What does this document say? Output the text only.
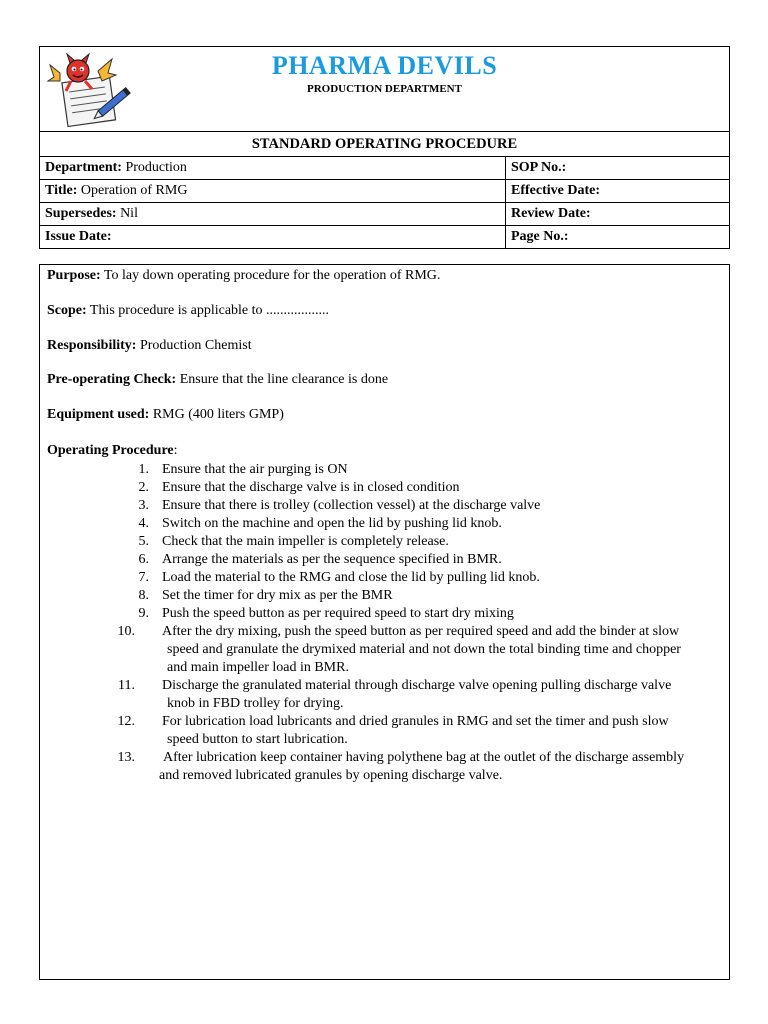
PHARMA DEVILS
PRODUCTION DEPARTMENT
STANDARD OPERATING PROCEDURE	
Department: Production	SOP No.:
Title: Operation of RMG	Effective Date:
Supersedes: Nil	Review Date:
Issue Date:	Page No.:
Purpose: To lay down operating procedure for the operation of RMG.
Scope: This procedure is applicable to ..................
Responsibility: Production Chemist
Pre-operating Check: Ensure that the line clearance is done
Equipment used: RMG (400 liters GMP)
Operating Procedure:
1. Ensure that the air purging is ON
2. Ensure that the discharge valve is in closed condition
3. Ensure that there is trolley (collection vessel) at the discharge valve
4. Switch on the machine and open the lid by pushing lid knob.
5. Check that the main impeller is completely release.
6. Arrange the materials as per the sequence specified in BMR.
7. Load the material to the RMG and close the lid by pulling lid knob.
8. Set the timer for dry mix as per the BMR
9. Push the speed button as per required speed to start dry mixing
10.	After the dry mixing, push the speed button as per required speed and add the binder at slow
speed and granulate the drymixed material and not down the total binding time and chopper
and main impeller load in BMR.
11.	Discharge the granulated material through discharge valve opening pulling discharge valve
knob in FBD trolley for drying.
12.	For lubrication load lubricants and dried granules in RMG and set the timer and push slow
speed button to start lubrication.
13.	After lubrication keep container having polythene bag at the outlet of the discharge assembly
and removed lubricated granules by opening discharge valve.
